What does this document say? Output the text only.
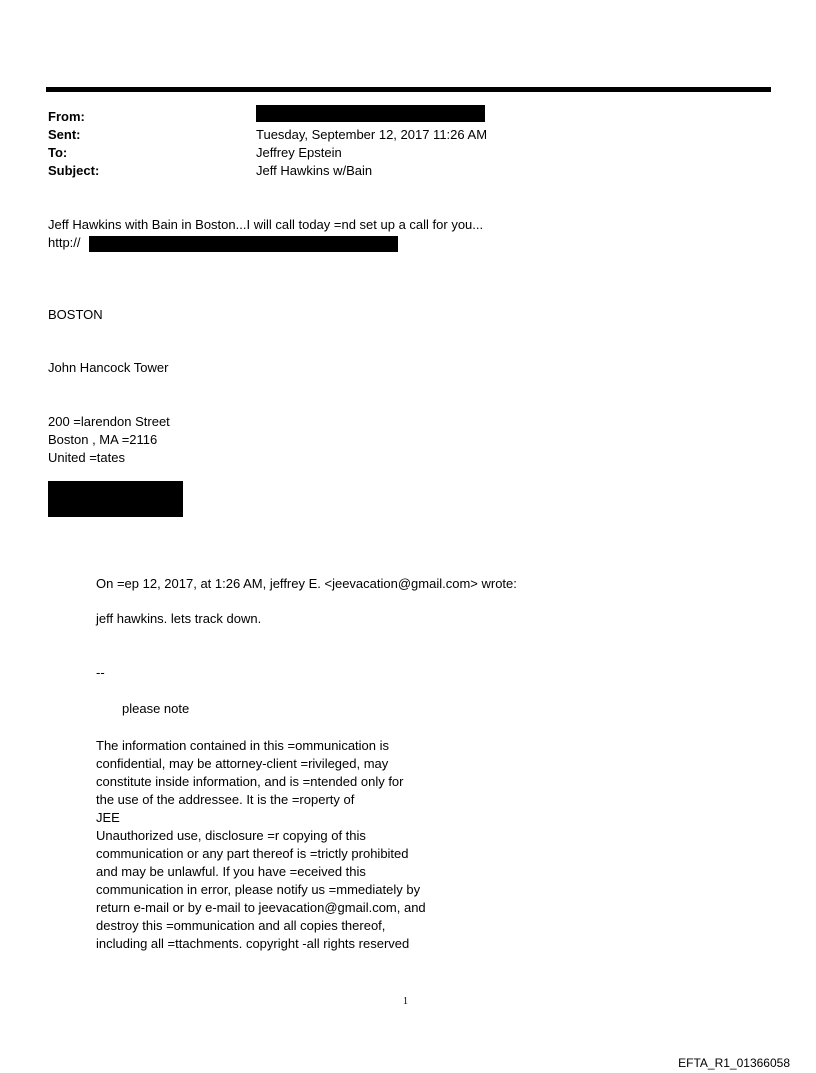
From:
Sent:	Tuesday, September 12, 2017 11:26 AM
To:	Jeffrey Epstein
Subject:	Jeff Hawkins w/Bain
Jeff Hawkins with Bain in Boston...I will call today =nd set up a call for you...
http://
BOSTON
John Hancock Tower
200 =larendon Street
Boston , MA =2116
United =tates
On =ep 12, 2017, at 1:26 AM, jeffrey E. <jeevacation@gmail.com> wrote:
jeff hawkins. lets track down.
--
please note
The information contained in this =ommunication is
confidential, may be attorney-client =rivileged, may
constitute inside information, and is =ntended only for
the use of the addressee. It is the =roperty of
JEE
Unauthorized use, disclosure =r copying of this
communication or any part thereof is =trictly prohibited
and may be unlawful. If you have =eceived this
communication in error, please notify us =mmediately by
return e-mail or by e-mail to jeevacation@gmail.com, and
destroy this =ommunication and all copies thereof,
including all =ttachments. copyright -all rights reserved
1
EFTA_R1_01366058
